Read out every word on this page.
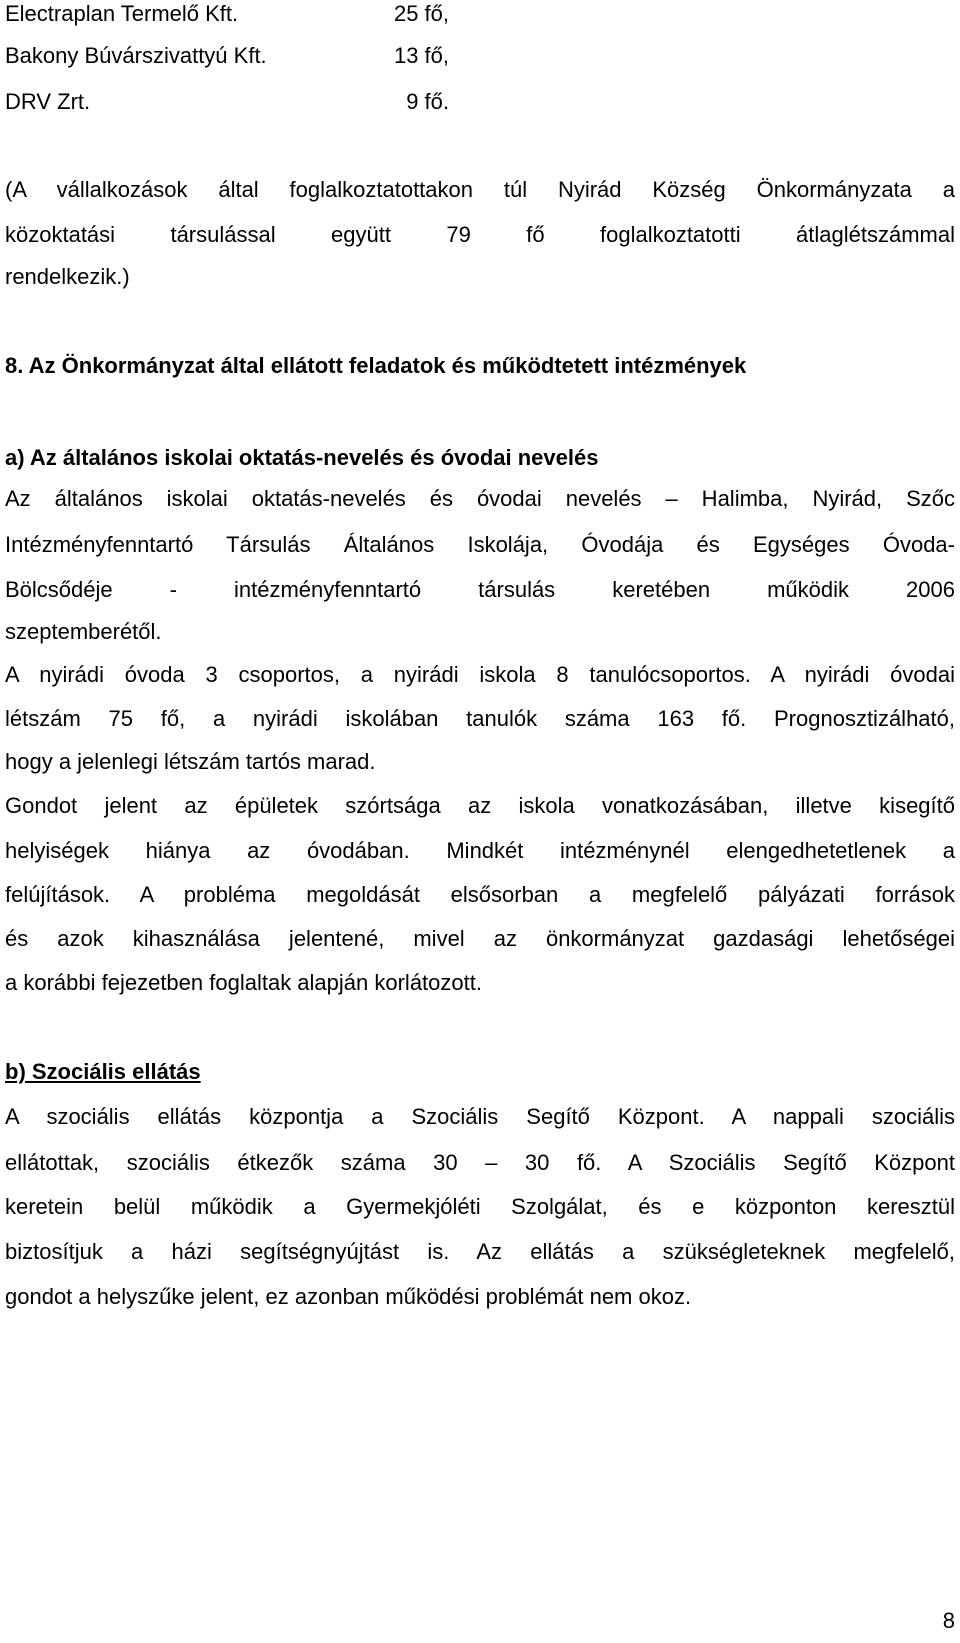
Electraplan Termelő Kft.	25 fő,
Bakony Búvárszivattyú Kft.	13 fő,
DRV Zrt.	9 fő.
(A vállalkozások által foglalkoztatottakon túl Nyirád Község Önkormányzata a
közoktatási társulással együtt 79 fő foglalkoztatotti átlaglétszámmal
rendelkezik.)
8. Az Önkormányzat által ellátott feladatok és működtetett intézmények
a) Az általános iskolai oktatás-nevelés és óvodai nevelés
Az általános iskolai oktatás-nevelés és óvodai nevelés – Halimba, Nyirád, Szőc
Intézményfenntartó Társulás Általános Iskolája, Óvodája és Egységes Óvoda-
Bölcsődéje - intézményfenntartó társulás keretében működik 2006
szeptemberétől.
A nyirádi óvoda 3 csoportos, a nyirádi iskola 8 tanulócsoportos. A nyirádi óvodai
létszám 75 fő, a nyirádi iskolában tanulók száma 163 fő. Prognosztizálható,
hogy a jelenlegi létszám tartós marad.
Gondot jelent az épületek szórtsága az iskola vonatkozásában, illetve kisegítő
helyiségek hiánya az óvodában. Mindkét intézménynél elengedhetetlenek a
felújítások. A probléma megoldását elsősorban a megfelelő pályázati források
és azok kihasználása jelentené, mivel az önkormányzat gazdasági lehetőségei
a korábbi fejezetben foglaltak alapján korlátozott.
b) Szociális ellátás
A szociális ellátás központja a Szociális Segítő Központ. A nappali szociális
ellátottak, szociális étkezők száma 30 – 30 fő. A Szociális Segítő Központ
keretein belül működik a Gyermekjóléti Szolgálat, és e központon keresztül
biztosítjuk a házi segítségnyújtást is. Az ellátás a szükségleteknek megfelelő,
gondot a helyszűke jelent, ez azonban működési problémát nem okoz.
8
